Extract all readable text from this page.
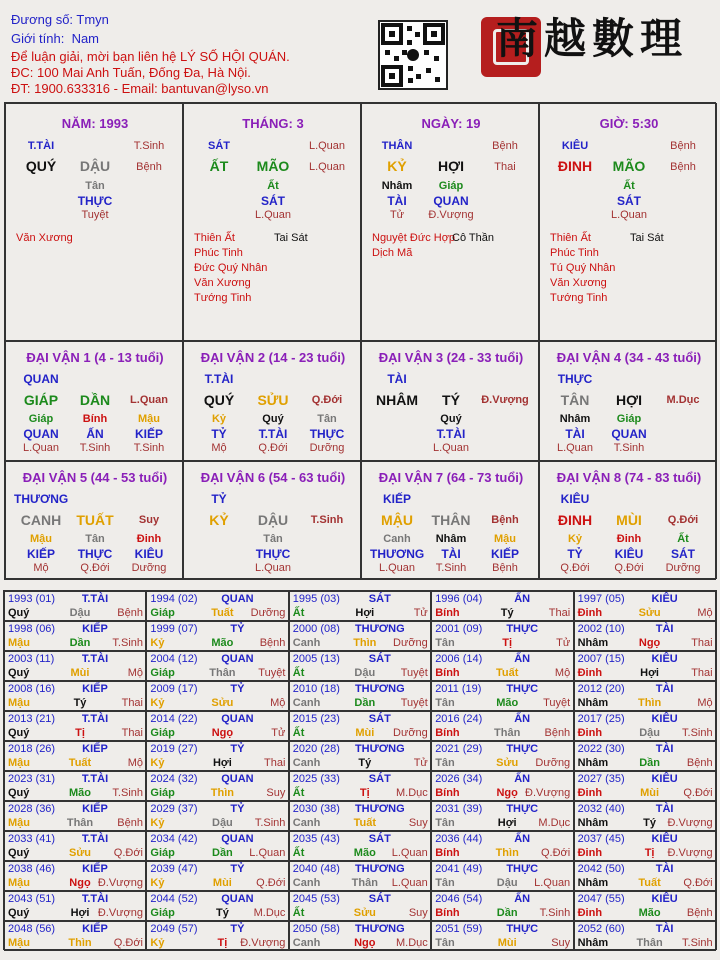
Đương số: Tmyn
Giới tính: Nam
Để luận giải, mời bạn liên hệ LÝ SỐ HỘI QUÁN.
ĐC: 100 Mai Anh Tuấn, Đống Đa, Hà Nội.
ĐT: 1900.633316 - Email: bantuvan@lyso.vn
南越數理
NĂM: 1993
T.TÀI	T.Sinh
QUÝ	DẬU	Bệnh
Tân
THỰC
Tuyệt
Văn Xương
THÁNG: 3
SÁT	L.Quan
ẤT	MÃO	L.Quan
Ất
SÁT
L.Quan
Thiên Ất	Tai Sát
Phúc Tinh
Đức Quý Nhân
Văn Xương
Tướng Tinh
NGÀY: 19
THÂN	Bệnh
KỶ	HỢI	Thai
Nhâm	Giáp
TÀI	QUAN
Tử	Đ.Vượng
Nguyệt Đức Hợp
Cô Thần
Dịch Mã
GIỜ: 5:30
KIÊU	Bệnh
ĐINH	MÃO	Bệnh
Ất
SÁT
L.Quan
Thiên Ất	Tai Sát
Phúc Tinh
Tú Quý Nhân
Văn Xương
Tướng Tinh
ĐẠI VẬN 1 (4 - 13 tuổi)
QUAN
GIÁP	DẦN	L.Quan
Giáp	Bính	Mậu
QUAN	ẤN	KIẾP
L.Quan	T.Sinh	T.Sinh
ĐẠI VẬN 2 (14 - 23 tuổi)
T.TÀI
QUÝ	SỬU	Q.Đới
Kỷ	Quý	Tân
TỶ	T.TÀI	THỰC
Mộ	Q.Đới	Dưỡng
ĐẠI VẬN 3 (24 - 33 tuổi)
TÀI
NHÂM	TÝ	Đ.Vượng
Quý
T.TÀI
L.Quan
ĐẠI VẬN 4 (34 - 43 tuổi)
THỰC
TÂN	HỢI	M.Dục
Nhâm	Giáp
TÀI	QUAN
L.Quan	T.Sinh
ĐẠI VẬN 5 (44 - 53 tuổi)
THƯƠNG
CANH	TUẤT	Suy
Mậu	Tân	Đinh
KIẾP	THỰC	KIÊU
Mộ	Q.Đới	Dưỡng
ĐẠI VẬN 6 (54 - 63 tuổi)
TỶ
KỶ	DẬU	T.Sinh
Tân
THỰC
L.Quan
ĐẠI VẬN 7 (64 - 73 tuổi)
KIẾP
MẬU	THÂN	Bệnh
Canh	Nhâm	Mậu
THƯƠNG	TÀI	KIẾP
L.Quan	T.Sinh	Bệnh
ĐẠI VẬN 8 (74 - 83 tuổi)
KIÊU
ĐINH	MÙI	Q.Đới
Kỷ	Đinh	Ất
TỶ	KIÊU	SÁT
Q.Đới	Q.Đới	Dưỡng
1993 (01)	T.TÀI
Quý	Dậu	Bệnh
1994 (02)	QUAN
Giáp	Tuất	Dưỡng
1995 (03)	SÁT
Ất	Hợi	Tử
1996 (04)	ẤN
Bính	Tý	Thai
1997 (05)	KIÊU
Đinh	Sửu	Mộ
1998 (06)	KIẾP
Mậu	Dần	T.Sinh
1999 (07)	TỶ
Kỷ	Mão	Bệnh
2000 (08)	THƯƠNG
Canh	Thìn	Dưỡng
2001 (09)	THỰC
Tân	Tị	Tử
2002 (10)	TÀI
Nhâm	Ngọ	Thai
2003 (11)	T.TÀI
Quý	Mùi	Mộ
2004 (12)	QUAN
Giáp	Thân	Tuyệt
2005 (13)	SÁT
Ất	Dậu	Tuyệt
2006 (14)	ẤN
Bính	Tuất	Mộ
2007 (15)	KIÊU
Đinh	Hợi	Thai
2008 (16)	KIẾP
Mậu	Tý	Thai
2009 (17)	TỶ
Kỷ	Sửu	Mộ
2010 (18)	THƯƠNG
Canh	Dần	Tuyệt
2011 (19)	THỰC
Tân	Mão	Tuyệt
2012 (20)	TÀI
Nhâm	Thìn	Mộ
2013 (21)	T.TÀI
Quý	Tị	Thai
2014 (22)	QUAN
Giáp	Ngọ	Tử
2015 (23)	SÁT
Ất	Mùi	Dưỡng
2016 (24)	ẤN
Bính	Thân	Bệnh
2017 (25)	KIÊU
Đinh	Dậu	T.Sinh
2018 (26)	KIẾP
Mậu	Tuất	Mộ
2019 (27)	TỶ
Kỷ	Hợi	Thai
2020 (28)	THƯƠNG
Canh	Tý	Tử
2021 (29)	THỰC
Tân	Sửu	Dưỡng
2022 (30)	TÀI
Nhâm	Dần	Bệnh
2023 (31)	T.TÀI
Quý	Mão	T.Sinh
2024 (32)	QUAN
Giáp	Thìn	Suy
2025 (33)	SÁT
Ất	Tị	M.Dục
2026 (34)	ẤN
Bính	Ngọ Đ.Vượng
2027 (35)	KIÊU
Đinh	Mùi	Q.Đới
2028 (36)	KIẾP
Mậu	Thân	Bệnh
2029 (37)	TỶ
Kỷ	Dậu	T.Sinh
2030 (38)	THƯƠNG
Canh	Tuất	Suy
2031 (39)	THỰC
Tân	Hợi	M.Dục
2032 (40)	TÀI
Nhâm	Tý	Đ.Vượng
2033 (41)	T.TÀI
Quý	Sửu	Q.Đới
2034 (42)	QUAN
Giáp	Dần	L.Quan
2035 (43)	SÁT
Ất	Mão	L.Quan
2036 (44)	ẤN
Bính	Thìn	Q.Đới
2037 (45)	KIÊU
Đinh	Tị	Đ.Vượng
2038 (46)	KIẾP
Mậu	Ngọ Đ.Vượng
2039 (47)	TỶ
Kỷ	Mùi	Q.Đới
2040 (48)	THƯƠNG
Canh	Thân	L.Quan
2041 (49)	THỰC
Tân	Dậu	L.Quan
2042 (50)	TÀI
Nhâm	Tuất	Q.Đới
2043 (51)	T.TÀI
Quý	Hợi Đ.Vượng
2044 (52)	QUAN
Giáp	Tý	M.Dục
2045 (53)	SÁT
Ất	Sửu	Suy
2046 (54)	ẤN
Bính	Dần	T.Sinh
2047 (55)	KIÊU
Đinh	Mão	Bệnh
2048 (56)	KIẾP
Mậu	Thìn	Q.Đới
2049 (57)	TỶ
Kỷ	Tị	Đ.Vượng
2050 (58)	THƯƠNG
Canh	Ngọ	M.Dục
2051 (59)	THỰC
Tân	Mùi	Suy
2052 (60)	TÀI
Nhâm	Thân	T.Sinh
